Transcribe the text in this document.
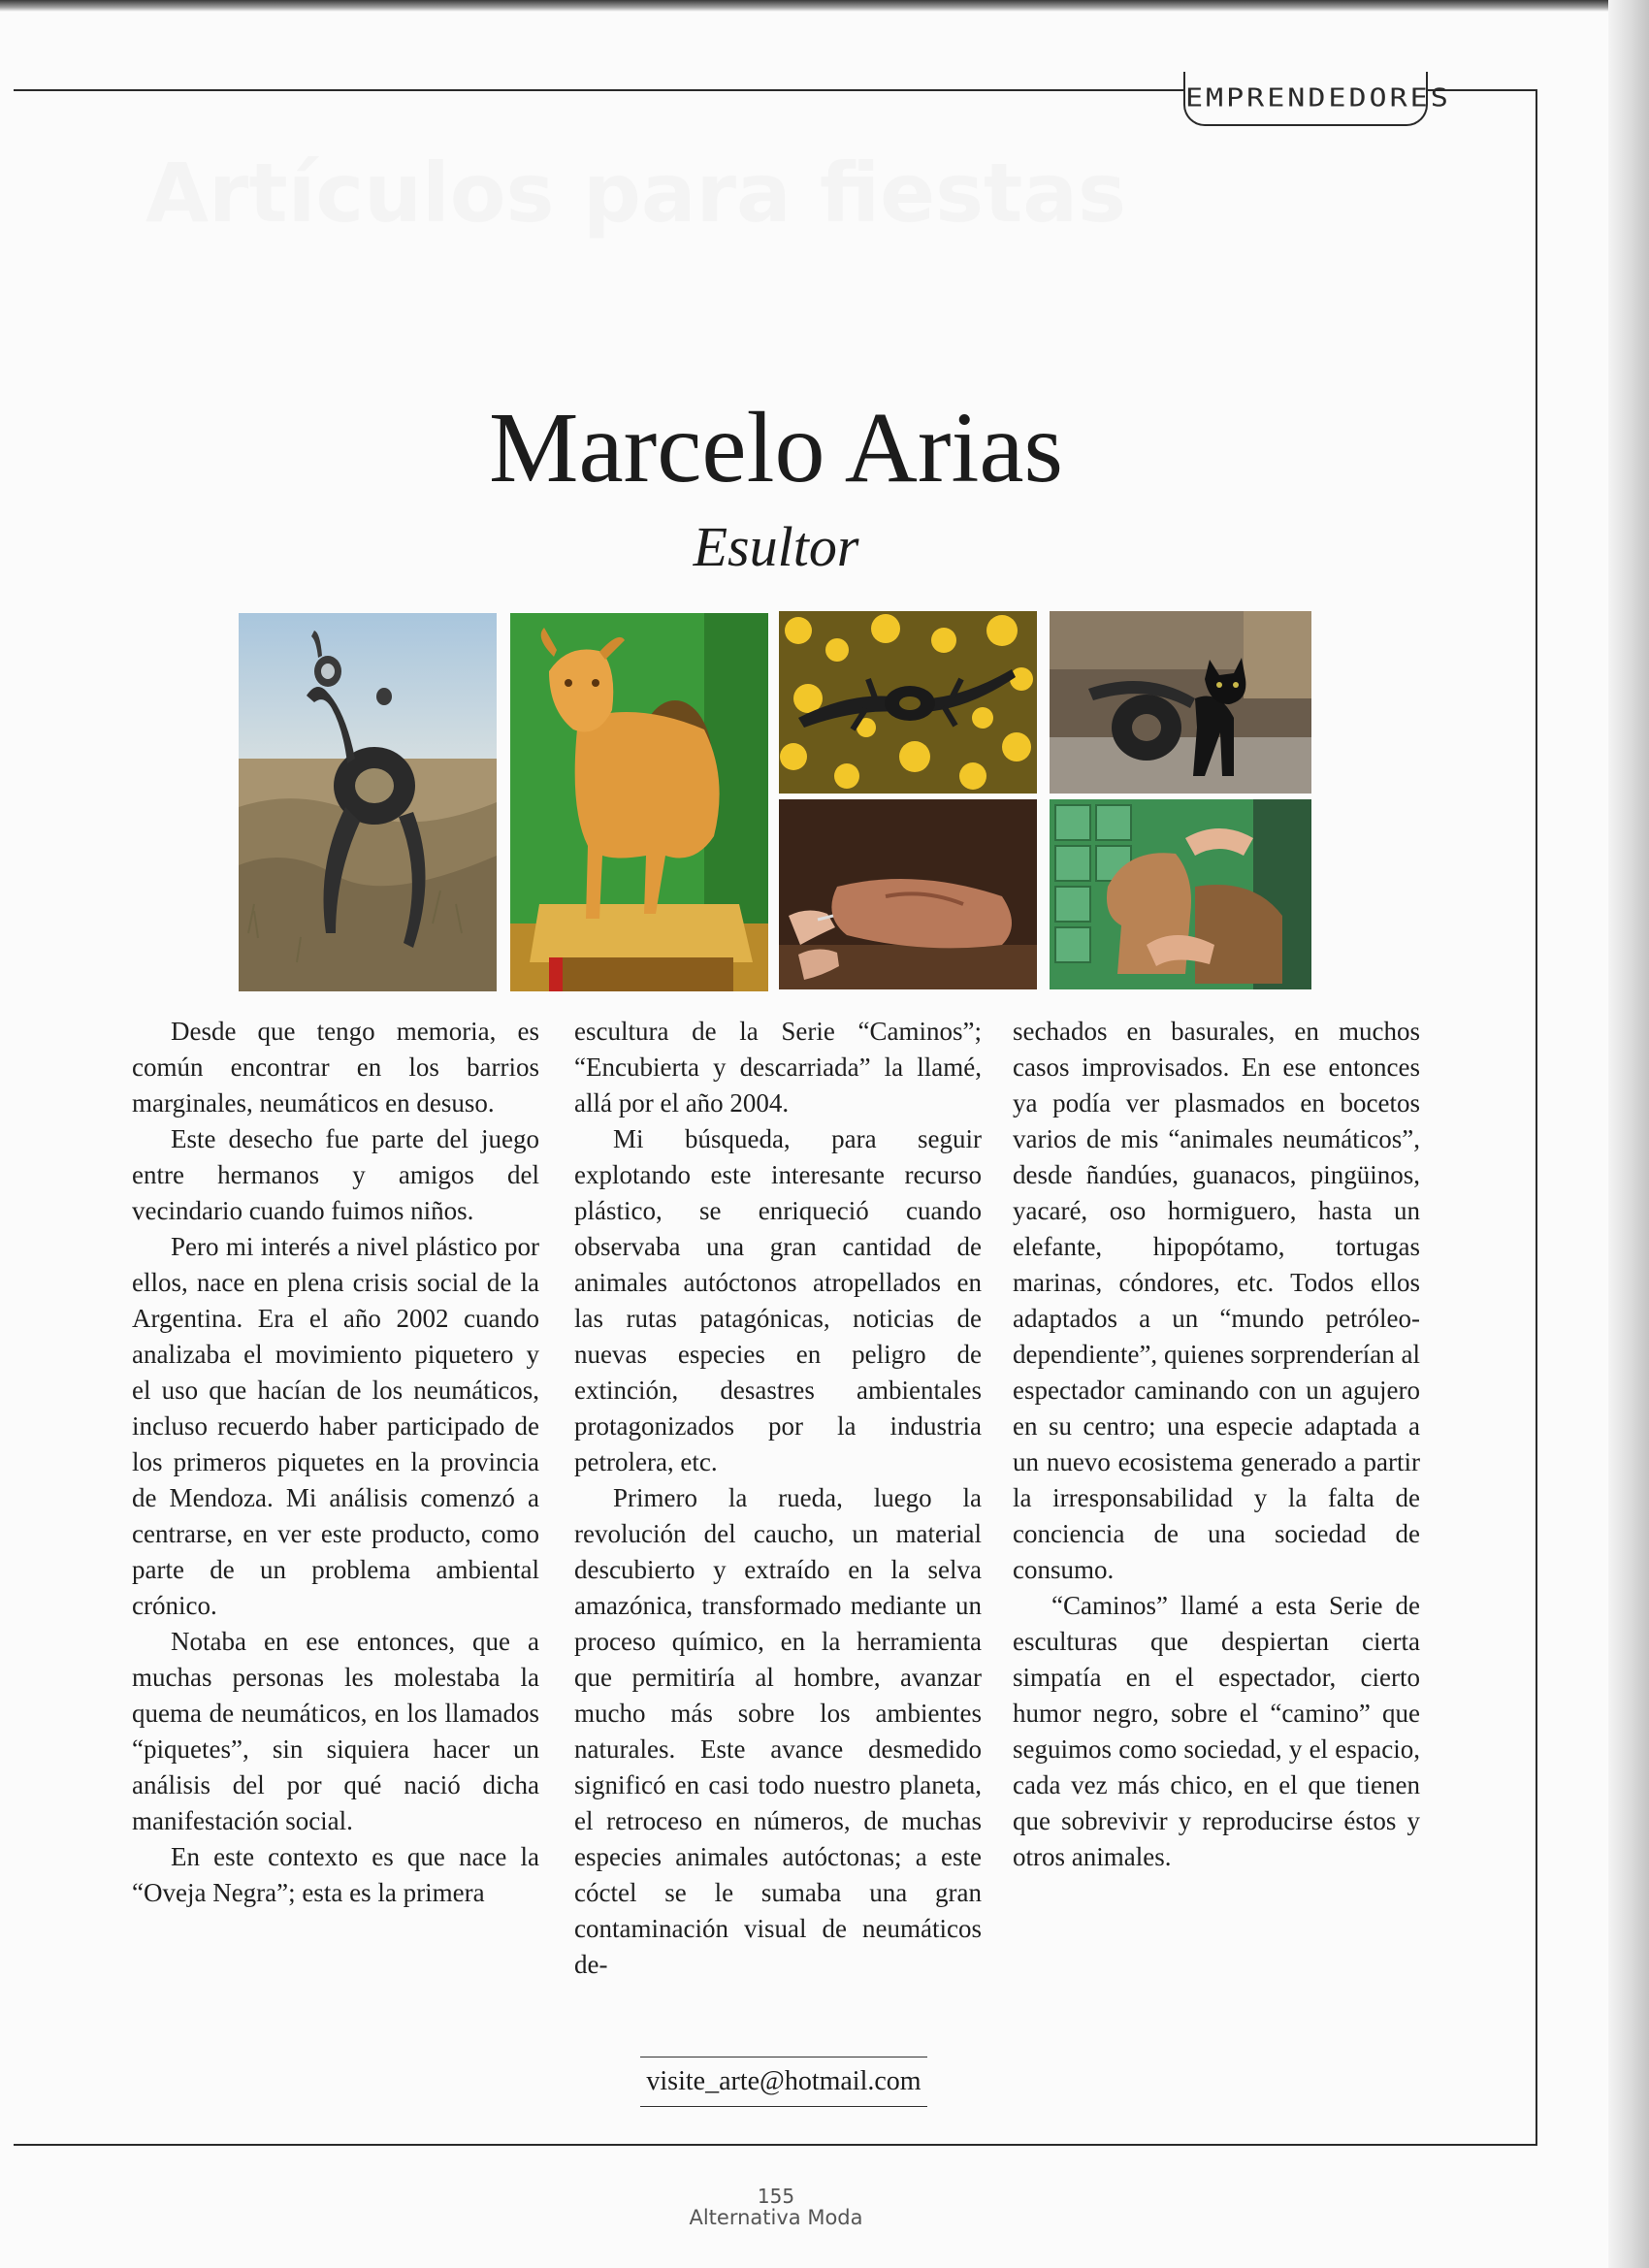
Artículos para fiestas
EMPRENDEDORES
Marcelo Arias
Esultor

Desde que tengo memoria, es común encontrar en los barrios marginales, neumáticos en desuso.

Este desecho fue parte del juego entre hermanos y amigos del vecindario cuando fuimos niños.

Pero mi interés a nivel plástico por ellos, nace en plena crisis social de la Argentina. Era el año 2002 cuando analizaba el movimiento piquetero y el uso que hacían de los neumáticos, incluso recuerdo haber participado de los primeros piquetes en la provincia de Mendoza. Mi análisis comenzó a centrarse, en ver este producto, como parte de un problema ambiental crónico.

Notaba en ese entonces, que a muchas personas les molestaba la quema de neumáticos, en los llamados “piquetes”, sin siquiera hacer un análisis del por qué nació dicha manifestación social.

En este contexto es que nace la “Oveja Negra”; esta es la primera

escultura de la Serie “Caminos”; “Encubierta y descarriada” la llamé, allá por el año 2004.

Mi búsqueda, para seguir explotando este interesante recurso plástico, se enriqueció cuando observaba una gran cantidad de animales autóctonos atropellados en las rutas patagónicas, noticias de nuevas especies en peligro de extinción, desastres ambientales protagonizados por la industria petrolera, etc.

Primero la rueda, luego la revolución del caucho, un material descubierto y extraído en la selva amazónica, transformado mediante un proceso químico, en la herramienta que permitiría al hombre, avanzar mucho más sobre los ambientes naturales. Este avance desmedido significó en casi todo nuestro planeta, el retroceso en números, de muchas especies animales autóctonas; a este cóctel se le sumaba una gran contaminación visual de neumáticos de-

sechados en basurales, en muchos casos improvisados. En ese entonces ya podía ver plasmados en bocetos varios de mis “animales neumáticos”, desde ñandúes, guanacos, pingüinos, yacaré, oso hormiguero, hasta un elefante, hipopótamo, tortugas marinas, cóndores, etc. Todos ellos adaptados a un “mundo petróleo-dependiente”, quienes sorprenderían al espectador caminando con un agujero en su centro; una especie adaptada a un nuevo ecosistema generado a partir la irresponsabilidad y la falta de conciencia de una sociedad de consumo.

“Caminos” llamé a esta Serie de esculturas que despiertan cierta simpatía en el espectador, cierto humor negro, sobre el “camino” que seguimos como sociedad, y el espacio, cada vez más chico, en el que tienen que sobrevivir y reproducirse éstos y otros animales.

visite_arte@hotmail.com
155
Alternativa Moda
